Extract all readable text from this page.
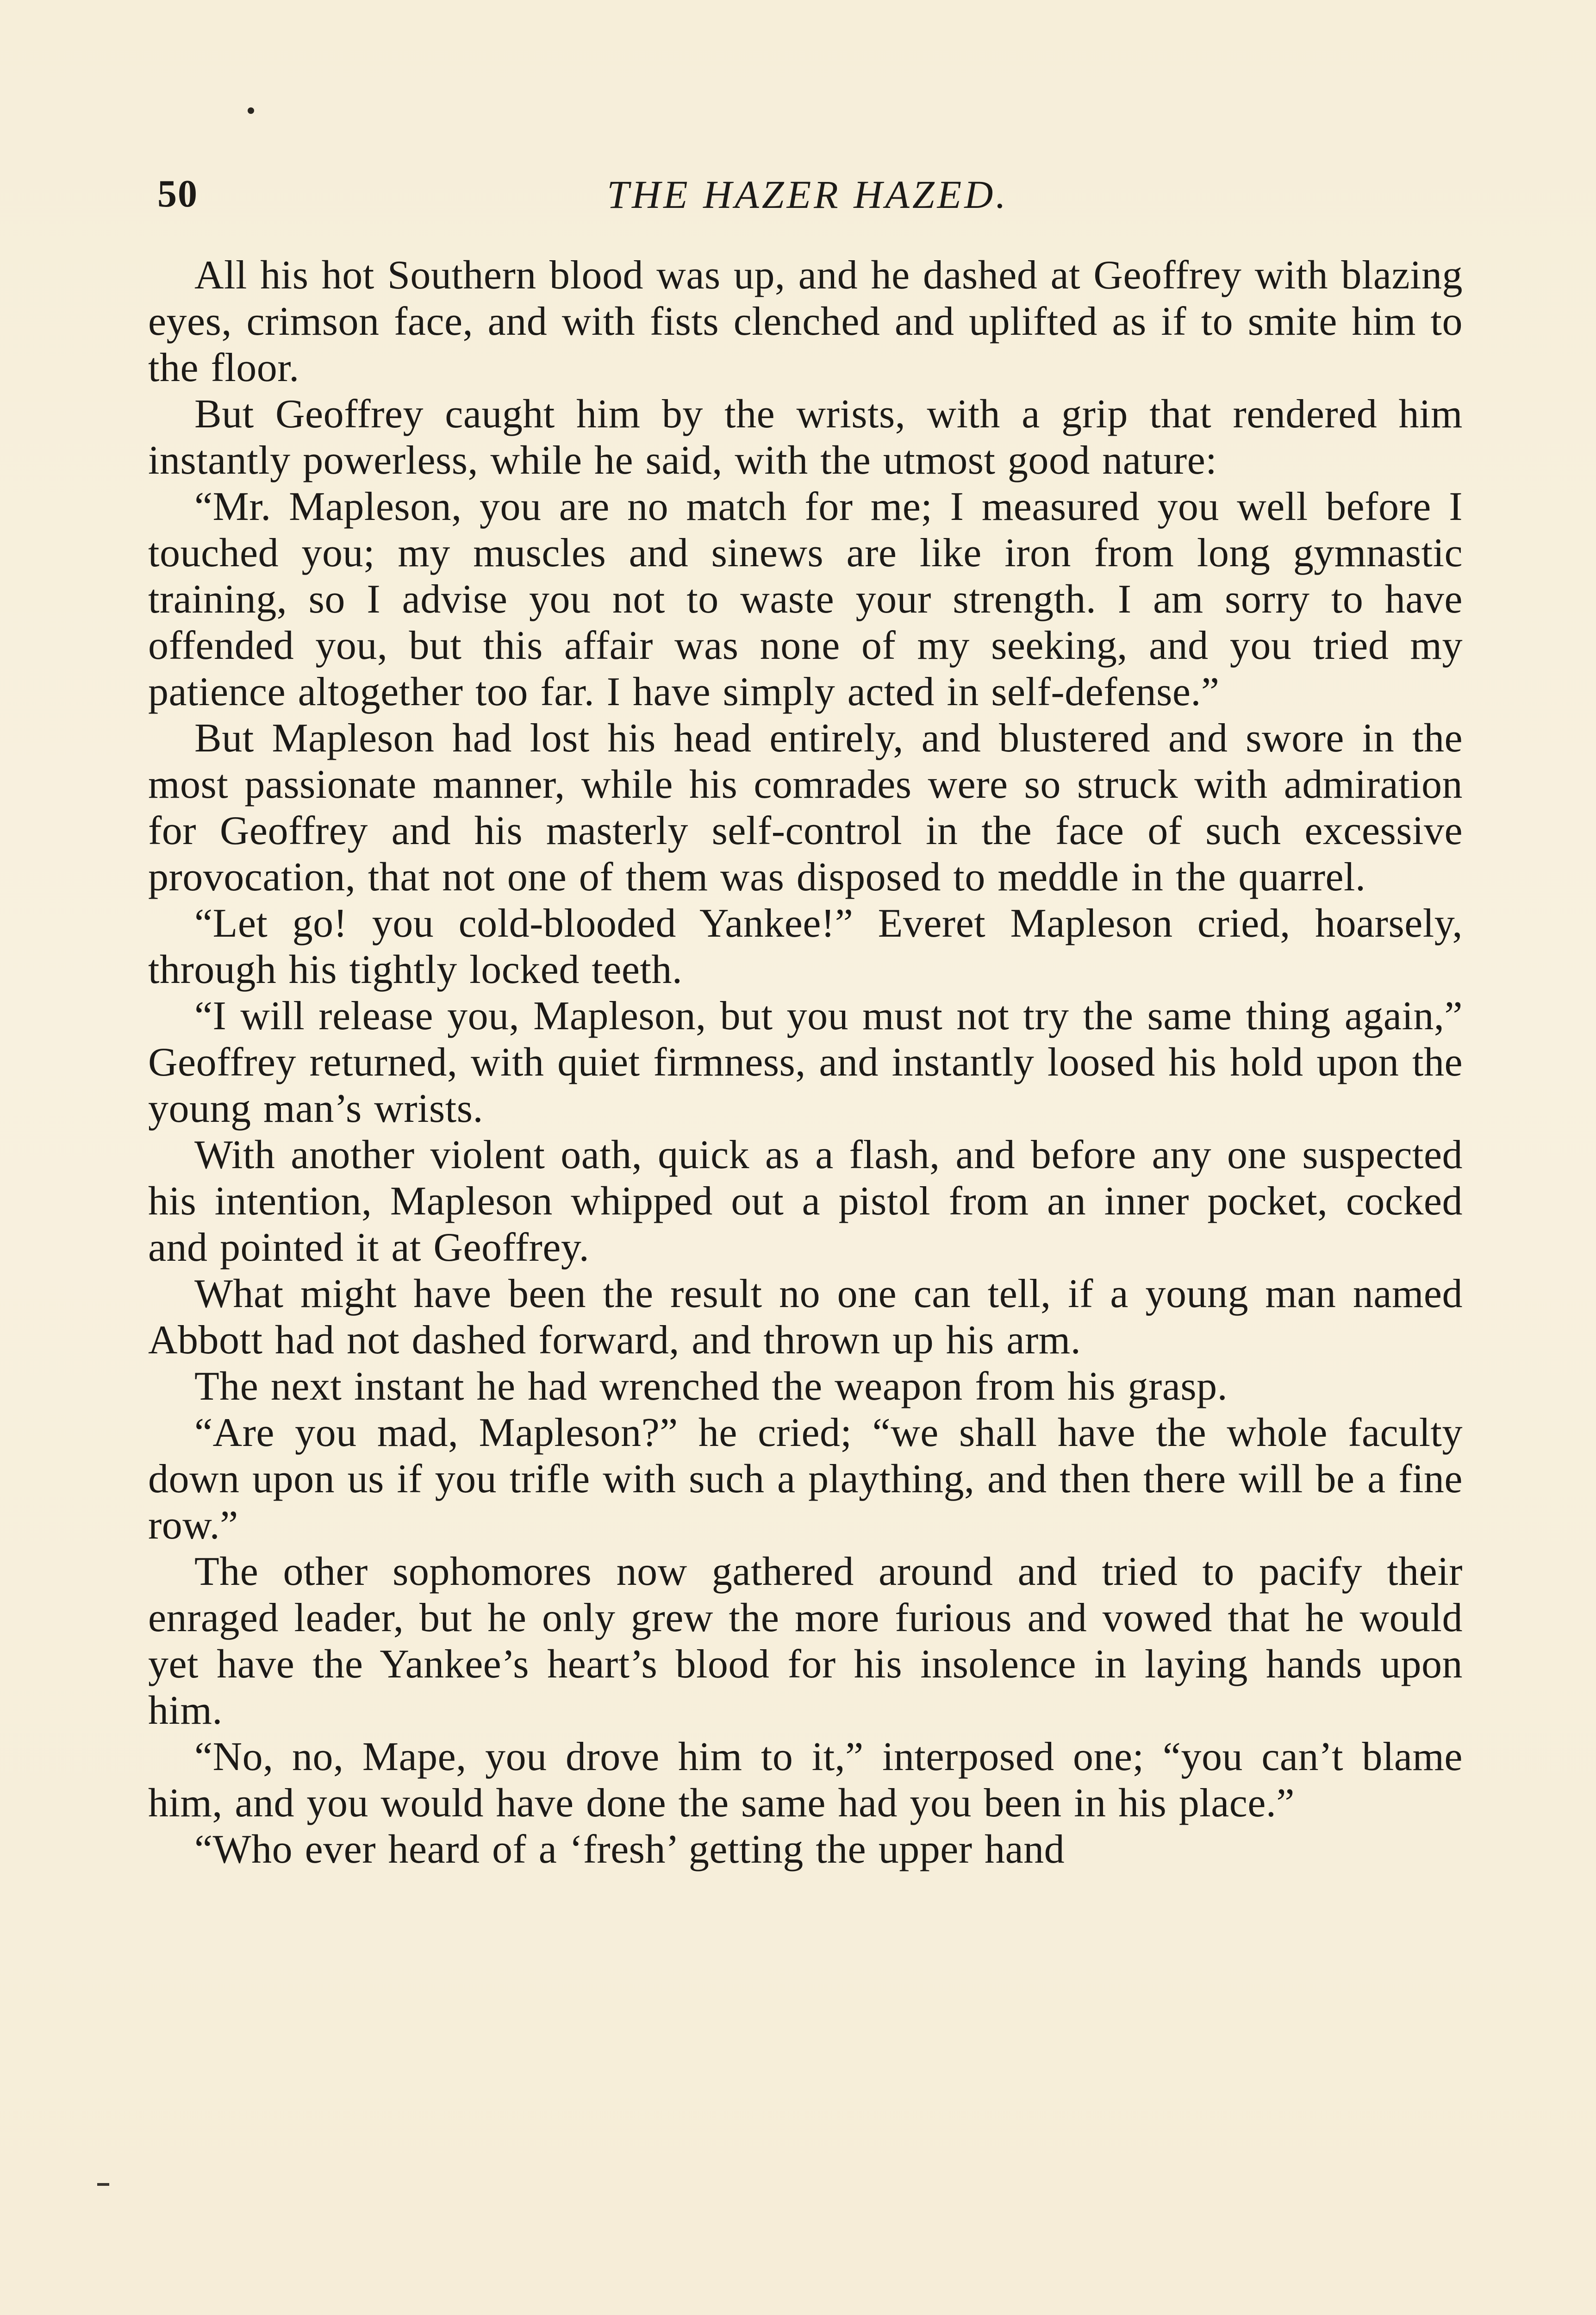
50	THE HAZER HAZED.

All his hot Southern blood was up, and he dashed at Geoffrey with blazing eyes, crimson face, and with fists clenched and uplifted as if to smite him to the floor.

But Geoffrey caught him by the wrists, with a grip that rendered him instantly powerless, while he said, with the utmost good nature:

“Mr. Mapleson, you are no match for me; I measured you well before I touched you; my muscles and sinews are like iron from long gymnastic training, so I advise you not to waste your strength. I am sorry to have offended you, but this affair was none of my seeking, and you tried my patience altogether too far. I have simply acted in self-defense.”

But Mapleson had lost his head entirely, and blustered and swore in the most passionate manner, while his comrades were so struck with admiration for Geoffrey and his masterly self-control in the face of such excessive provocation, that not one of them was disposed to meddle in the quarrel.

“Let go! you cold-blooded Yankee!” Everet Mapleson cried, hoarsely, through his tightly locked teeth.

“I will release you, Mapleson, but you must not try the same thing again,” Geoffrey returned, with quiet firmness, and instantly loosed his hold upon the young man’s wrists.

With another violent oath, quick as a flash, and before any one suspected his intention, Mapleson whipped out a pistol from an inner pocket, cocked and pointed it at Geoffrey.

What might have been the result no one can tell, if a young man named Abbott had not dashed forward, and thrown up his arm.

The next instant he had wrenched the weapon from his grasp.

“Are you mad, Mapleson?” he cried; “we shall have the whole faculty down upon us if you trifle with such a plaything, and then there will be a fine row.”

The other sophomores now gathered around and tried to pacify their enraged leader, but he only grew the more furious and vowed that he would yet have the Yankee’s heart’s blood for his insolence in laying hands upon him.

“No, no, Mape, you drove him to it,” interposed one; “you can’t blame him, and you would have done the same had you been in his place.”

“Who ever heard of a ‘fresh’ getting the upper hand
